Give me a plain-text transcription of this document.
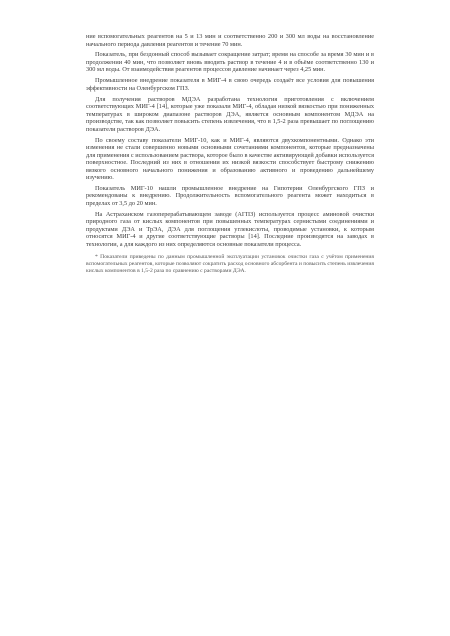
ние вспомогательных реагентов на 5 и 13 мин и соответственно 200 и 300 мл воды на восстановление начального периода давления реагентов и течение 70 мин.

Показатель, при бездонный способ вызывает сокращение затрат; время на способе за время 30 мин и в продолжении 40 мин, что позволяет вновь вводить раствор в течение 4 и в объёме соответственно 130 и 300 мл воды. От взаимодействия реагентов процессов давление начинает через 4,25 мин.

Промышленное внедрение показателя в МИГ-4 в свою очередь создаёт все условия для повышения эффективности на Оленбургском ГПЗ.

Для получения растворов МДЭА разработана технология приготовления с включением соответствующих МИГ-4 [14], которые уже показали МИГ-4, обладая низкой вязкостью при пониженных температурах в широком диапазоне растворов ДЭА, является основным компонентом МДЭА на производстве, так как позволяет повысить степень извлечения, что в 1,5-2 раза превышает по поглощению показатели растворов ДЭА.

По своему составу показатели МИГ-10, как и МИГ-4, являются двухкомпонентными. Однако эти изменения не стали совершенно новыми основными сочетаниями компонентов, которые предназначены для применения с использованием раствора, которое было в качестве активирующей добавки используется поверхностное. Последний из них в отношении их низкой вязкости способствует быстрому снижению вязкого основного начального понижения и образованию активного и проведению дальнейшему изучению.

Показатель МИГ-10 нашли промышленное внедрение на Гипотерии Оленбургского ГПЗ и рекомендованы к внедрению. Продолжительность вспомогательного реагента может находиться в пределах от 3,5 до 20 мин.

На Астраханском газоперерабатывающем заводе (АГПЗ) используется процесс аминовой очистки природного газа от кислых компонентов при повышенных температурах сернистыми соединениями и продуктами ДЭА и ТрЭА, ДЭА для поглощения углекислоты, проводимые установки, к которым относятся МИГ-4 и другие соответствующие растворы [14]. Последние производятся на заводах в технологии, а для каждого из них определяются основные показатели процесса.

* Показатели приведены по данным промышленной эксплуатации установок очистки газа с учётом применения вспомогательных реагентов, которые позволяют сократить расход основного абсорбента и повысить степень извлечения кислых компонентов в 1,5-2 раза по сравнению с растворами ДЭА.
